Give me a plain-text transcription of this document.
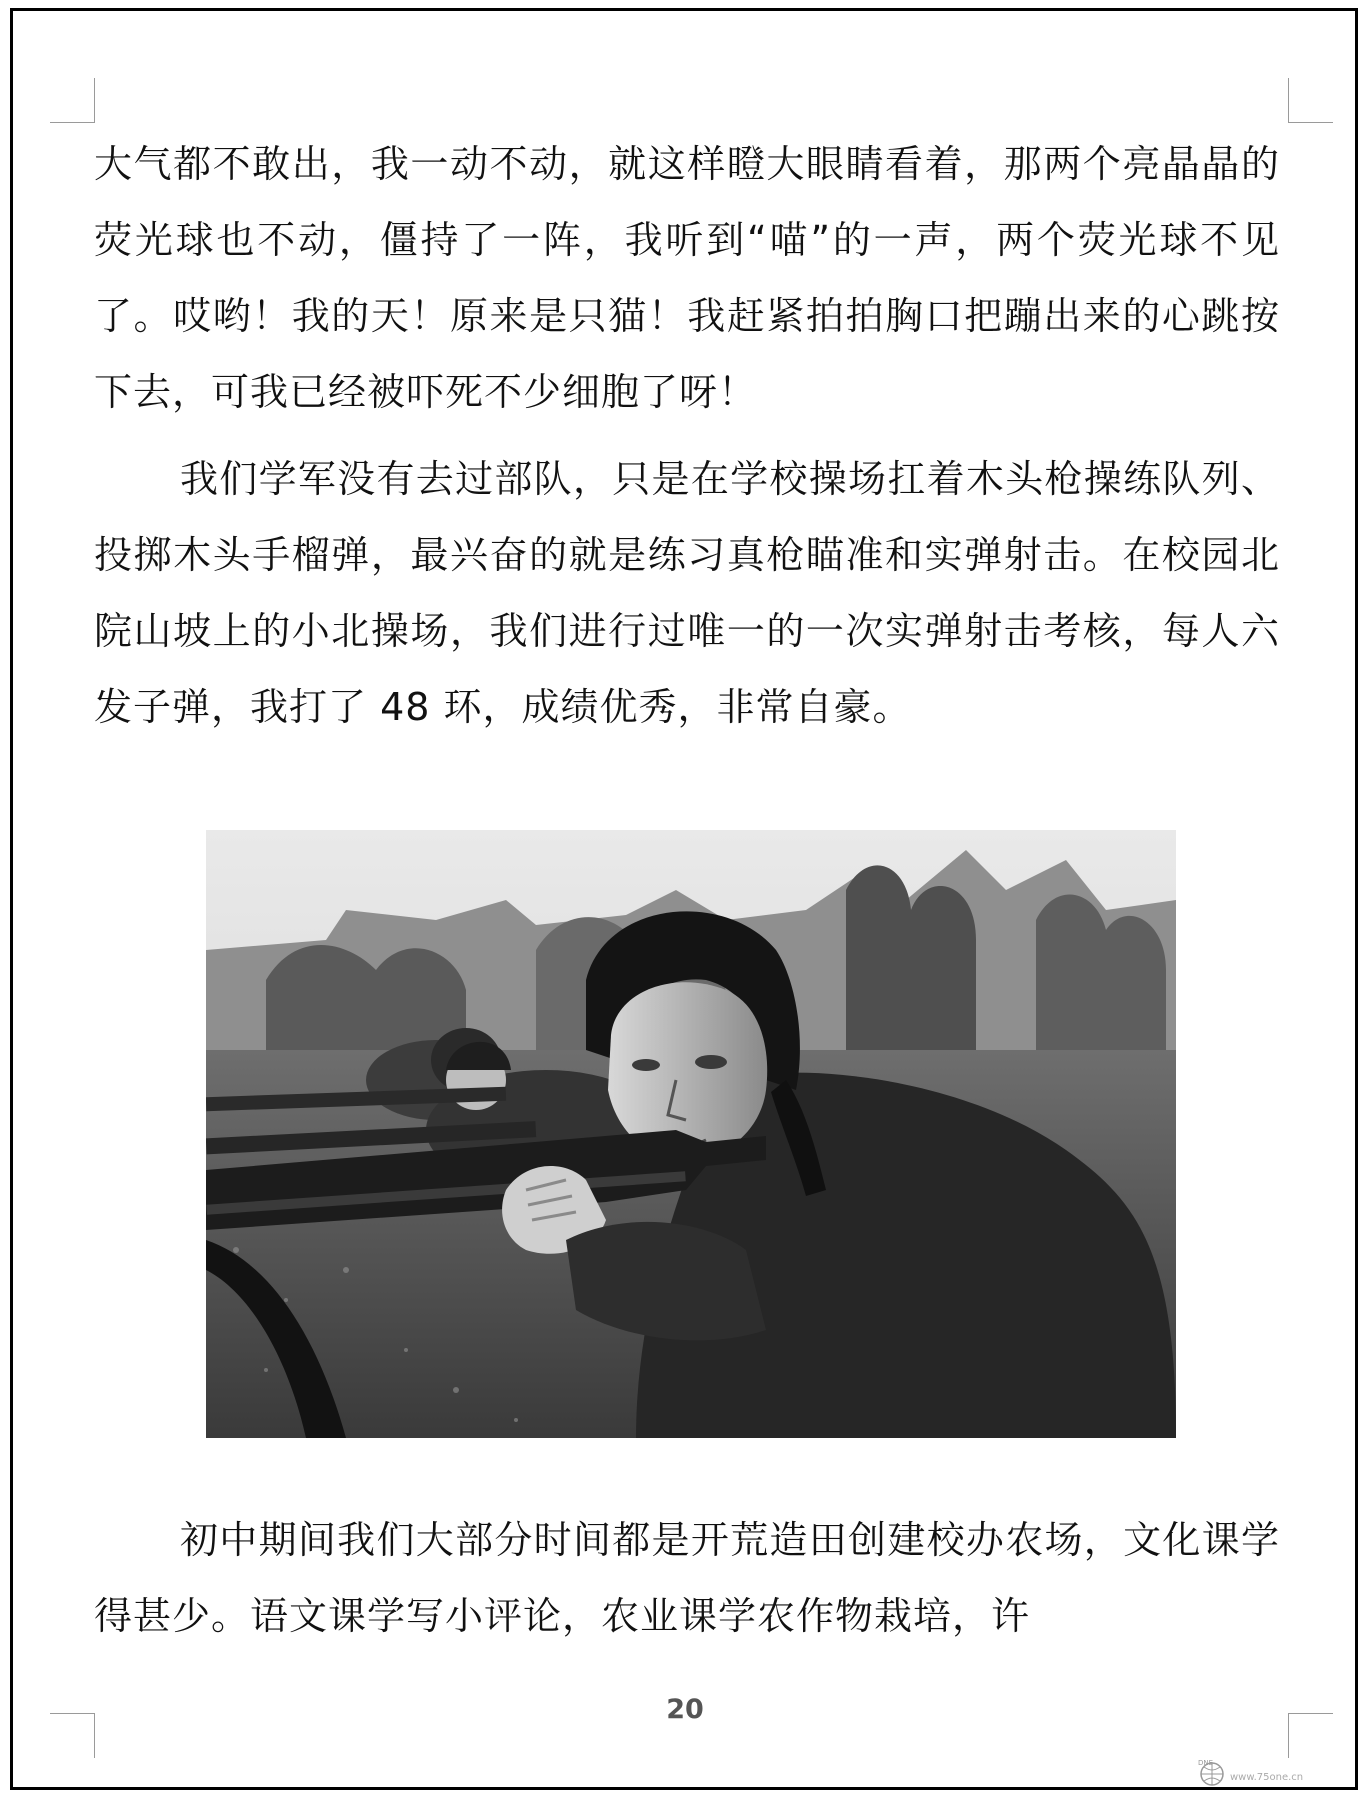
大气都不敢出，我一动不动，就这样瞪大眼睛看着，那两个亮晶晶的荧光球也不动，僵持了一阵，我听到“喵”的一声，两个荧光球不见了。哎哟！我的天！原来是只猫！我赶紧拍拍胸口把蹦出来的心跳按下去，可我已经被吓死不少细胞了呀！

我们学军没有去过部队，只是在学校操场扛着木头枪操练队列、投掷木头手榴弹，最兴奋的就是练习真枪瞄准和实弹射击。在校园北院山坡上的小北操场，我们进行过唯一的一次实弹射击考核，每人六发子弹，我打了 48 环，成绩优秀，非常自豪。

初中期间我们大部分时间都是开荒造田创建校办农场，文化课学得甚少。语文课学写小评论，农业课学农作物栽培，许

20
DNE
www.75one.cn
